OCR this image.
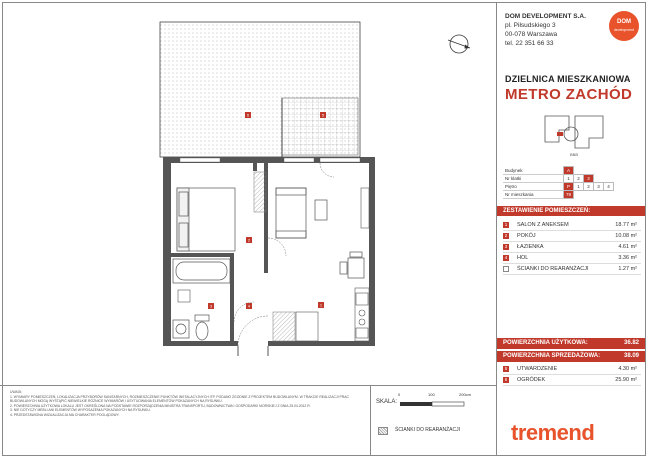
6	5
2
1
3	4
UWAGI:
1. WYMIARY POMIESZCZEŃ, LOKALIZACJA PRZYBORÓW SANITARNYCH, ROZMIESZCZENIE PUNKTÓW INSTALACYJNYCH ITP. PODANO ZGODNIE Z PROJEKTEM BUDOWLANYM. W TRAKCIE REALIZACJI PRAC BUDOWLANYCH MOGĄ WYSTĄPIĆ NIEWIELKIE RÓŻNICE WYMIARÓW I USYTUOWANIA ELEMENTÓW POKAZANYCH NA RYSUNKU.
2. POWIERZCHNIA UŻYTKOWA LOKALU JEST OKREŚLONA NA PODSTAWIE ROZPORZĄDZENIA MINISTRA TRANSPORTU, BUDOWNICTWA I GOSPODARKI MORSKIEJ Z DNIA 25.04.2012 R.
3. NIE DOTYCZY MEBLI ANI ELEMENTÓW WYPOSAŻENIA POKAZANYCH NA RYSUNKU.
4. PRZEDSTAWIONA WIZUALIZACJA MA CHARAKTER POGLĄDOWY.
SKALA:
0	100	200cm
ŚCIANKI DO REARANŻACJI
DOM DEVELOPMENT S.A.
pl. Piłsudskiego 3
00-078 Warszawa
tel. 22 351 66 33
DOM
development
DZIELNICA MIESZKANIOWA
METRO ZACHÓD
BBB
Budynek	A				
Nr klatki	1	2	3		
Piętro	P	1	2	3	4
Nr mieszkania	79				
ZESTAWIENIE POMIESZCZEŃ:
1	SALON Z ANEKSEM	18.77 m²
2	POKÓJ	10.08 m²
3	ŁAZIENKA	4.61 m²
4	HOL	3.36 m²
ŚCIANKI DO REARANŻACJI	1.27 m²
POWIERZCHNIA UŻYTKOWA:	36.82
POWIERZCHNIA SPRZEDAŻOWA:	38.09
5	UTWARDZENIE	4.30 m²
6	OGRÓDEK	25.90 m²
tremend
